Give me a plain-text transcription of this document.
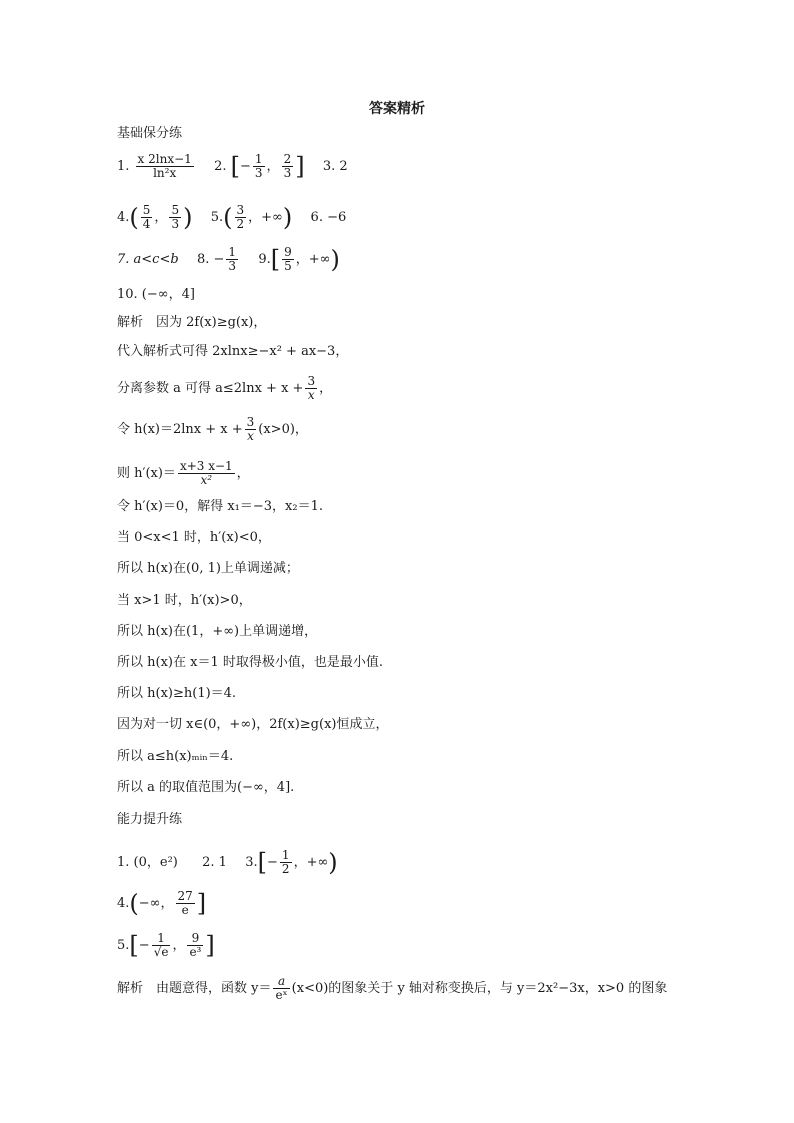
答案精析
基础保分练
1. $\frac{x 2\ln x-1}{\text{ln²x}} 2$. [− $\frac{1}{3}$ ， $\frac{2}{3}$ ] 3. 2
$4.( \frac{5}{4}$ ， $\frac{5}{3}$ ) $5.( \frac{3}{2}$ ，+∞) 6. −6
7. a<c<b 8. − $\frac{1}{3} 9.[ \frac{9}{5}$ ，+∞)
10. (−∞，4]
解析　因为 2f(x)≥g(x)，
代入解析式可得 2xlnx≥−x² + ax−3，
分离参数 a 可得 $a\le 2\ln x + x + \frac{3}{x}$ ，
令 $h(x)=2\ln x + x + \frac{3}{x} (x>0)$，
则 $h'(x)= \frac{x+3 x-1}{\text{x²}}$ ，
令 h′(x)＝0，解得 x₁＝−3，x₂＝1.
当 0<x<1 时，h′(x)<0，
所以 h(x)在(0, 1)上单调递减；
当 x>1 时，h′(x)>0，
所以 h(x)在(1，+∞)上单调递增，
所以 h(x)在 x＝1 时取得极小值，也是最小值.
所以 h(x)≥h(1)＝4.
因为对一切 x∈(0，+∞)，2f(x)≥g(x)恒成立，
所以 a≤h(x)ₘᵢₙ＝4.
所以 a 的取值范围为(−∞，4].
能力提升练
1. (0，e²) 2. 1 $3.[- \frac{1}{2}$ ，+∞)
4.(−∞， $\frac{27}{e}$ ]
$5.[- \frac{1}{√e}$ ， $\frac{9}{\text{e³}}$ ]
解析　由题意得，函数 $y= \frac{a}{\text{eˣ}} (x<0)$的图象关于 y 轴对称变换后，与 y＝2x²−3x，x>0 的图象
